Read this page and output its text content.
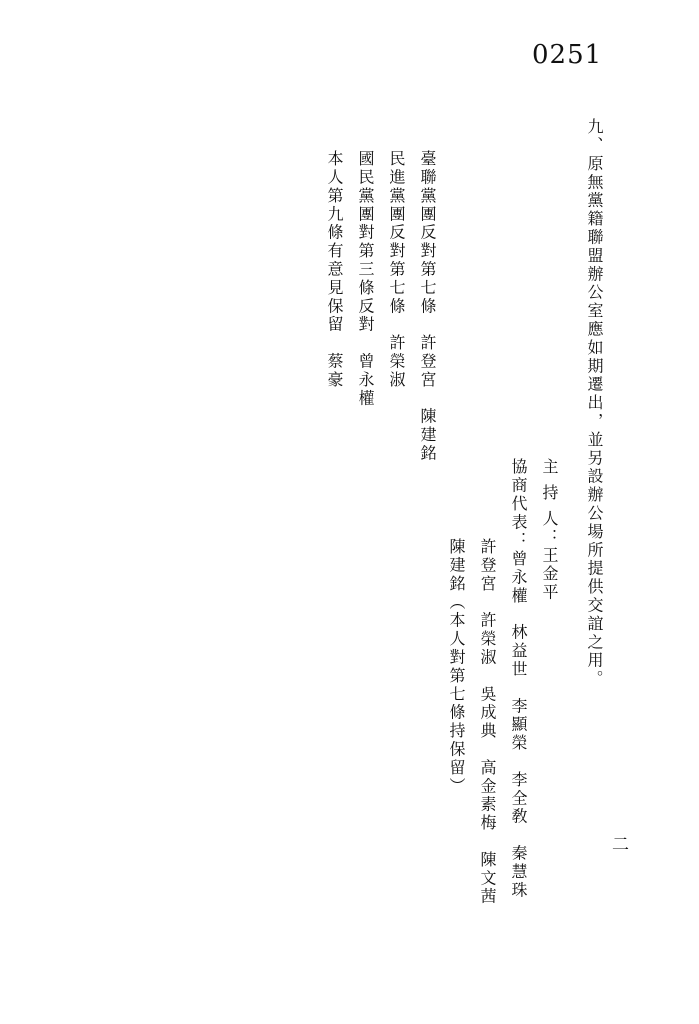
0251
九、原無黨籍聯盟辦公室應如期遷出，並另設辦公場所提供交誼之用。
主 持 人：王金平
協商代表：曾永權　林益世　李顯榮　李全敎　秦慧珠
許登宮　許榮淑　吳成典　高金素梅　陳文茜
陳建銘（本人對第七條持保留）
臺聯黨團反對第七條　許登宮　陳建銘
民進黨團反對第七條　許榮淑
國民黨團對第三條反對　曾永權
本人第九條有意見保留　蔡豪
二
